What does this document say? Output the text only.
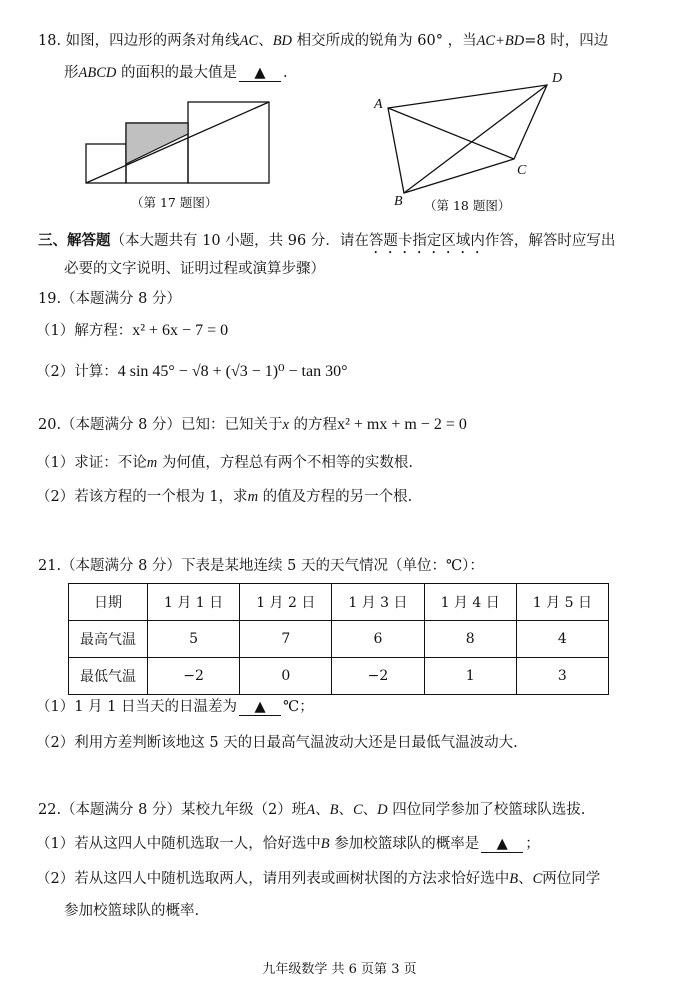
18. 如图，四边形的两条对角线AC、BD 相交所成的锐角为 60° ，当AC+BD=8 时，四边
形ABCD 的面积的最大值是 ▲ .
（第 17 题图）
A
D
C
B （第 18 题图）
三、解答题（本大题共有 10 小题，共 96 分．请在答题卡指定区域内作答，解答时应写出
必要的文字说明、证明过程或演算步骤）
19.（本题满分 8 分）
（1）解方程：x² + 6x − 7 = 0
（2）计算：4 sin 45° − √8 + (√3 − 1)⁰ − tan 30°
20.（本题满分 8 分）已知：已知关于x 的方程x² + mx + m − 2 = 0
（1）求证：不论m 为何值，方程总有两个不相等的实数根.
（2）若该方程的一个根为 1，求m 的值及方程的另一个根.
21.（本题满分 8 分）下表是某地连续 5 天的天气情况（单位：℃）：
日期	1 月 1 日	1 月 2 日	1 月 3 日	1 月 4 日	1 月 5 日
最高气温	5	7	6	8	4
最低气温	−2	0	−2	1	3
（1）1 月 1 日当天的日温差为 ▲ ℃；
（2）利用方差判断该地这 5 天的日最高气温波动大还是日最低气温波动大.
22.（本题满分 8 分）某校九年级（2）班A、B、C、D 四位同学参加了校篮球队选拔.
（1）若从这四人中随机选取一人，恰好选中B 参加校篮球队的概率是 ▲ ；
（2）若从这四人中随机选取两人，请用列表或画树状图的方法求恰好选中B、C两位同学
参加校篮球队的概率.
九年级数学 共 6 页第 3 页
